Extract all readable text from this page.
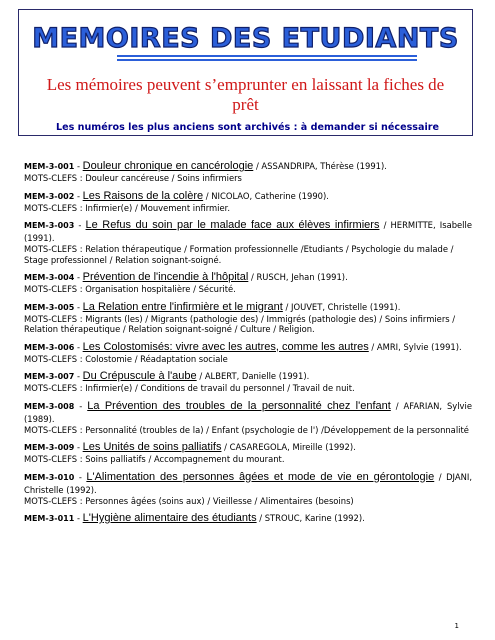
MEMOIRES DES ETUDIANTS
Les mémoires peuvent s’emprunter en laissant la fiches de prêt
Les numéros les plus anciens sont archivés : à demander si nécessaire
MEM-3-001 - Douleur chronique en cancérologie / ASSANDRIPA, Thérèse (1991).
MOTS-CLEFS : Douleur cancéreuse / Soins infirmiers
MEM-3-002 - Les Raisons de la colère / NICOLAO, Catherine (1990).
MOTS-CLEFS : Infirmier(e) / Mouvement infirmier.
MEM-3-003 - Le Refus du soin par le malade face aux élèves infirmiers / HERMITTE, Isabelle (1991).
MOTS-CLEFS : Relation thérapeutique / Formation professionnelle /Etudiants / Psychologie du malade / Stage professionnel / Relation soignant-soigné.
MEM-3-004 - Prévention de l'incendie à l'hôpital / RUSCH, Jehan (1991).
MOTS-CLEFS : Organisation hospitalière / Sécurité.
MEM-3-005 - La Relation entre l'infirmière et le migrant / JOUVET, Christelle (1991).
MOTS-CLEFS : Migrants (les) / Migrants (pathologie des) / Immigrés (pathologie des) / Soins infirmiers / Relation thérapeutique / Relation soignant-soigné / Culture / Religion.
MEM-3-006 - Les Colostomisés: vivre avec les autres, comme les autres / AMRI, Sylvie (1991).
MOTS-CLEFS : Colostomie / Réadaptation sociale
MEM-3-007 - Du Crépuscule à l'aube / ALBERT, Danielle (1991).
MOTS-CLEFS : Infirmier(e) / Conditions de travail du personnel / Travail de nuit.
MEM-3-008 - La Prévention des troubles de la personnalité chez l'enfant / AFARIAN, Sylvie (1989).
MOTS-CLEFS : Personnalité (troubles de la) / Enfant (psychologie de l') /Développement de la personnalité
MEM-3-009 - Les Unités de soins palliatifs / CASAREGOLA, Mireille (1992).
MOTS-CLEFS : Soins palliatifs / Accompagnement du mourant.
MEM-3-010 - L'Alimentation des personnes âgées et mode de vie en gérontologie / DJANI, Christelle (1992).
MOTS-CLEFS : Personnes âgées (soins aux) / Vieillesse / Alimentaires (besoins)
MEM-3-011 - L'Hygiène alimentaire des étudiants / STROUC, Karine (1992).
1
